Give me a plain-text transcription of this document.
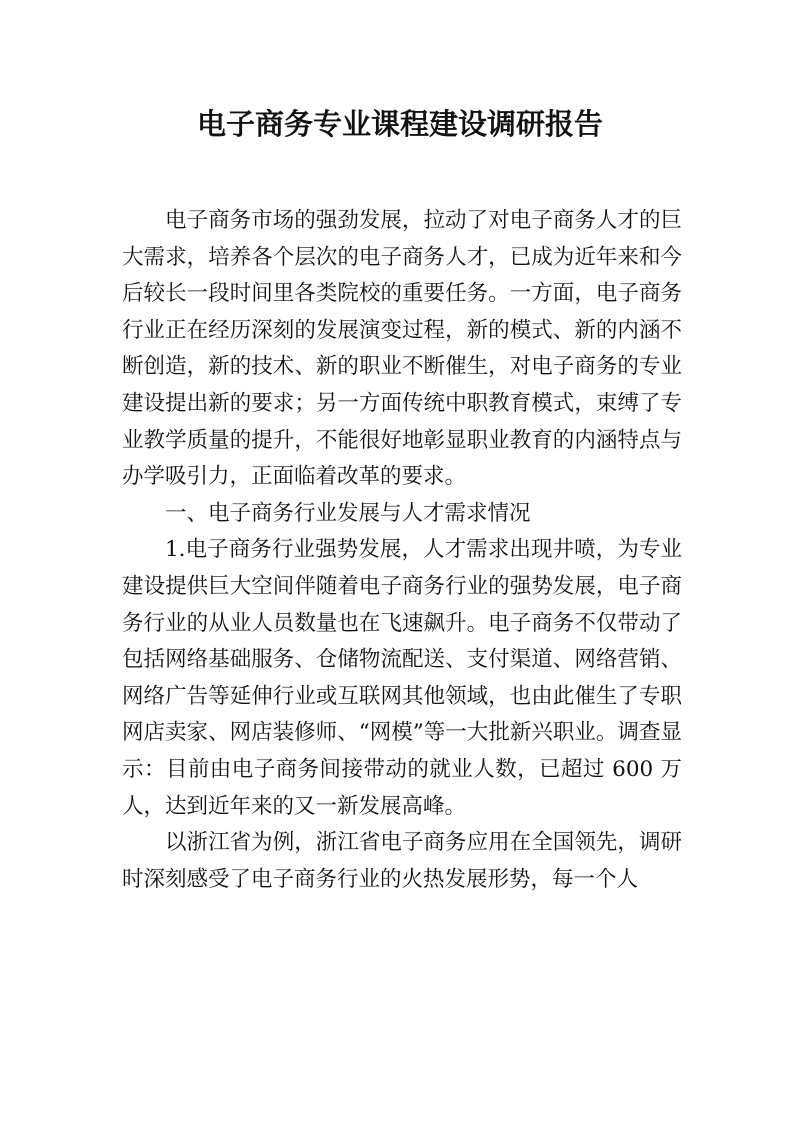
电子商务专业课程建设调研报告

电子商务市场的强劲发展，拉动了对电子商务人才的巨大需求，培养各个层次的电子商务人才，已成为近年来和今后较长一段时间里各类院校的重要任务。一方面，电子商务行业正在经历深刻的发展演变过程，新的模式、新的内涵不断创造，新的技术、新的职业不断催生，对电子商务的专业建设提出新的要求；另一方面传统中职教育模式，束缚了专业教学质量的提升，不能很好地彰显职业教育的内涵特点与办学吸引力，正面临着改革的要求。

一、电子商务行业发展与人才需求情况

1.电子商务行业强势发展，人才需求出现井喷，为专业建设提供巨大空间伴随着电子商务行业的强势发展，电子商务行业的从业人员数量也在飞速飙升。电子商务不仅带动了包括网络基础服务、仓储物流配送、支付渠道、网络营销、网络广告等延伸行业或互联网其他领域，也由此催生了专职网店卖家、网店装修师、“网模”等一大批新兴职业。调查显示：目前由电子商务间接带动的就业人数，已超过 600 万人，达到近年来的又一新发展高峰。

以浙江省为例，浙江省电子商务应用在全国领先，调研时深刻感受了电子商务行业的火热发展形势，每一个人
